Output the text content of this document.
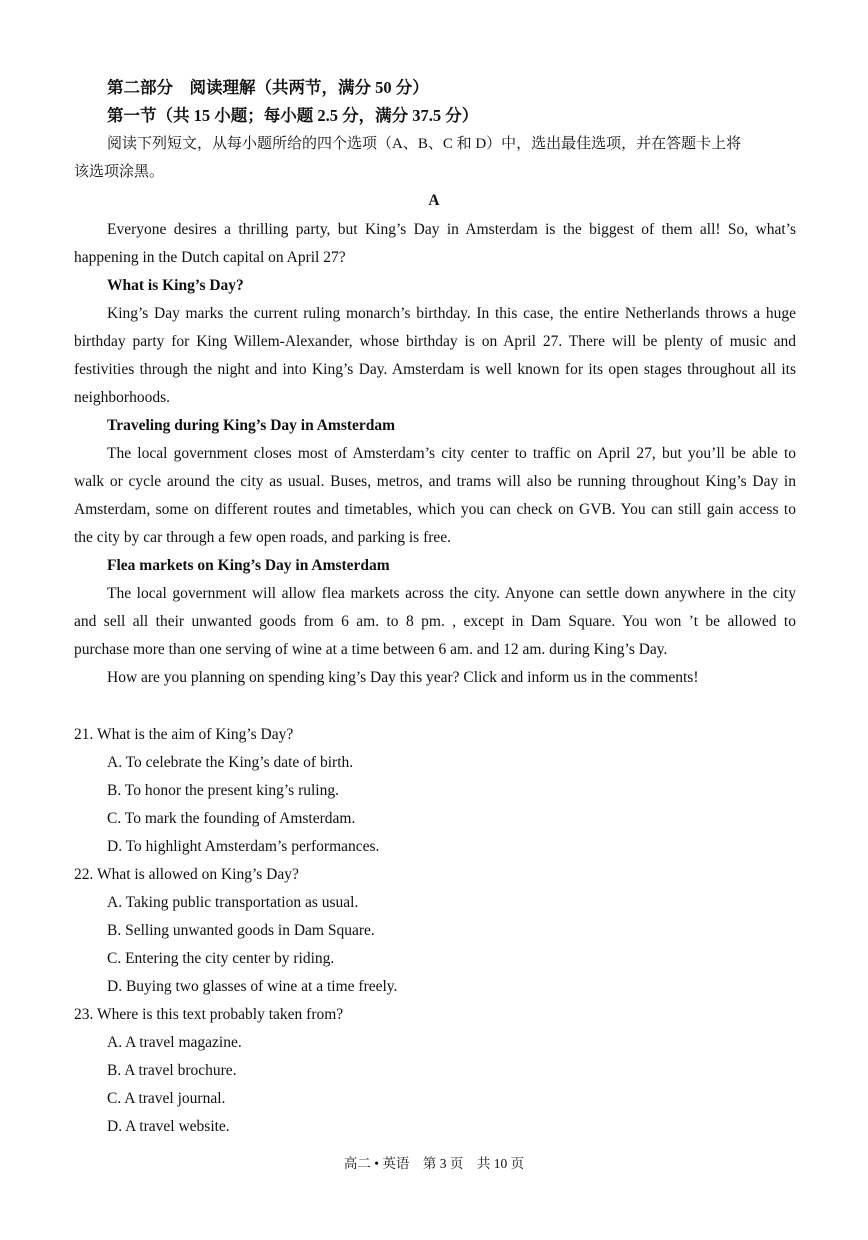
第二部分　阅读理解（共两节，满分 50 分）
第一节（共 15 小题；每小题 2.5 分，满分 37.5 分）
阅读下列短文，从每小题所给的四个选项（A、B、C 和 D）中，选出最佳选项，并在答题卡上将
该选项涂黑。
A
Everyone desires a thrilling party, but King’s Day in Amsterdam is the biggest of them all! So, what’s
happening in the Dutch capital on April 27?
What is King’s Day?
King’s Day marks the current ruling monarch’s birthday. In this case, the entire Netherlands throws a huge
birthday party for King Willem-Alexander, whose birthday is on April 27. There will be plenty of music and
festivities through the night and into King’s Day. Amsterdam is well known for its open stages throughout all its
neighborhoods.
Traveling during King’s Day in Amsterdam
The local government closes most of Amsterdam’s city center to traffic on April 27, but you’ll be able to
walk or cycle around the city as usual. Buses, metros, and trams will also be running throughout King’s Day in
Amsterdam, some on different routes and timetables, which you can check on GVB. You can still gain access to
the city by car through a few open roads, and parking is free.
Flea markets on King’s Day in Amsterdam
The local government will allow flea markets across the city. Anyone can settle down anywhere in the city
and sell all their unwanted goods from 6 am. to 8 pm. , except in Dam Square. You won ’t be allowed to
purchase more than one serving of wine at a time between 6 am. and 12 am. during King’s Day.
How are you planning on spending king’s Day this year? Click and inform us in the comments!
21. What is the aim of King’s Day?
A. To celebrate the King’s date of birth.
B. To honor the present king’s ruling.
C. To mark the founding of Amsterdam.
D. To highlight Amsterdam’s performances.
22. What is allowed on King’s Day?
A. Taking public transportation as usual.
B. Selling unwanted goods in Dam Square.
C. Entering the city center by riding.
D. Buying two glasses of wine at a time freely.
23. Where is this text probably taken from?
A. A travel magazine.
B. A travel brochure.
C. A travel journal.
D. A travel website.
高二 • 英语　第 3 页　共 10 页
